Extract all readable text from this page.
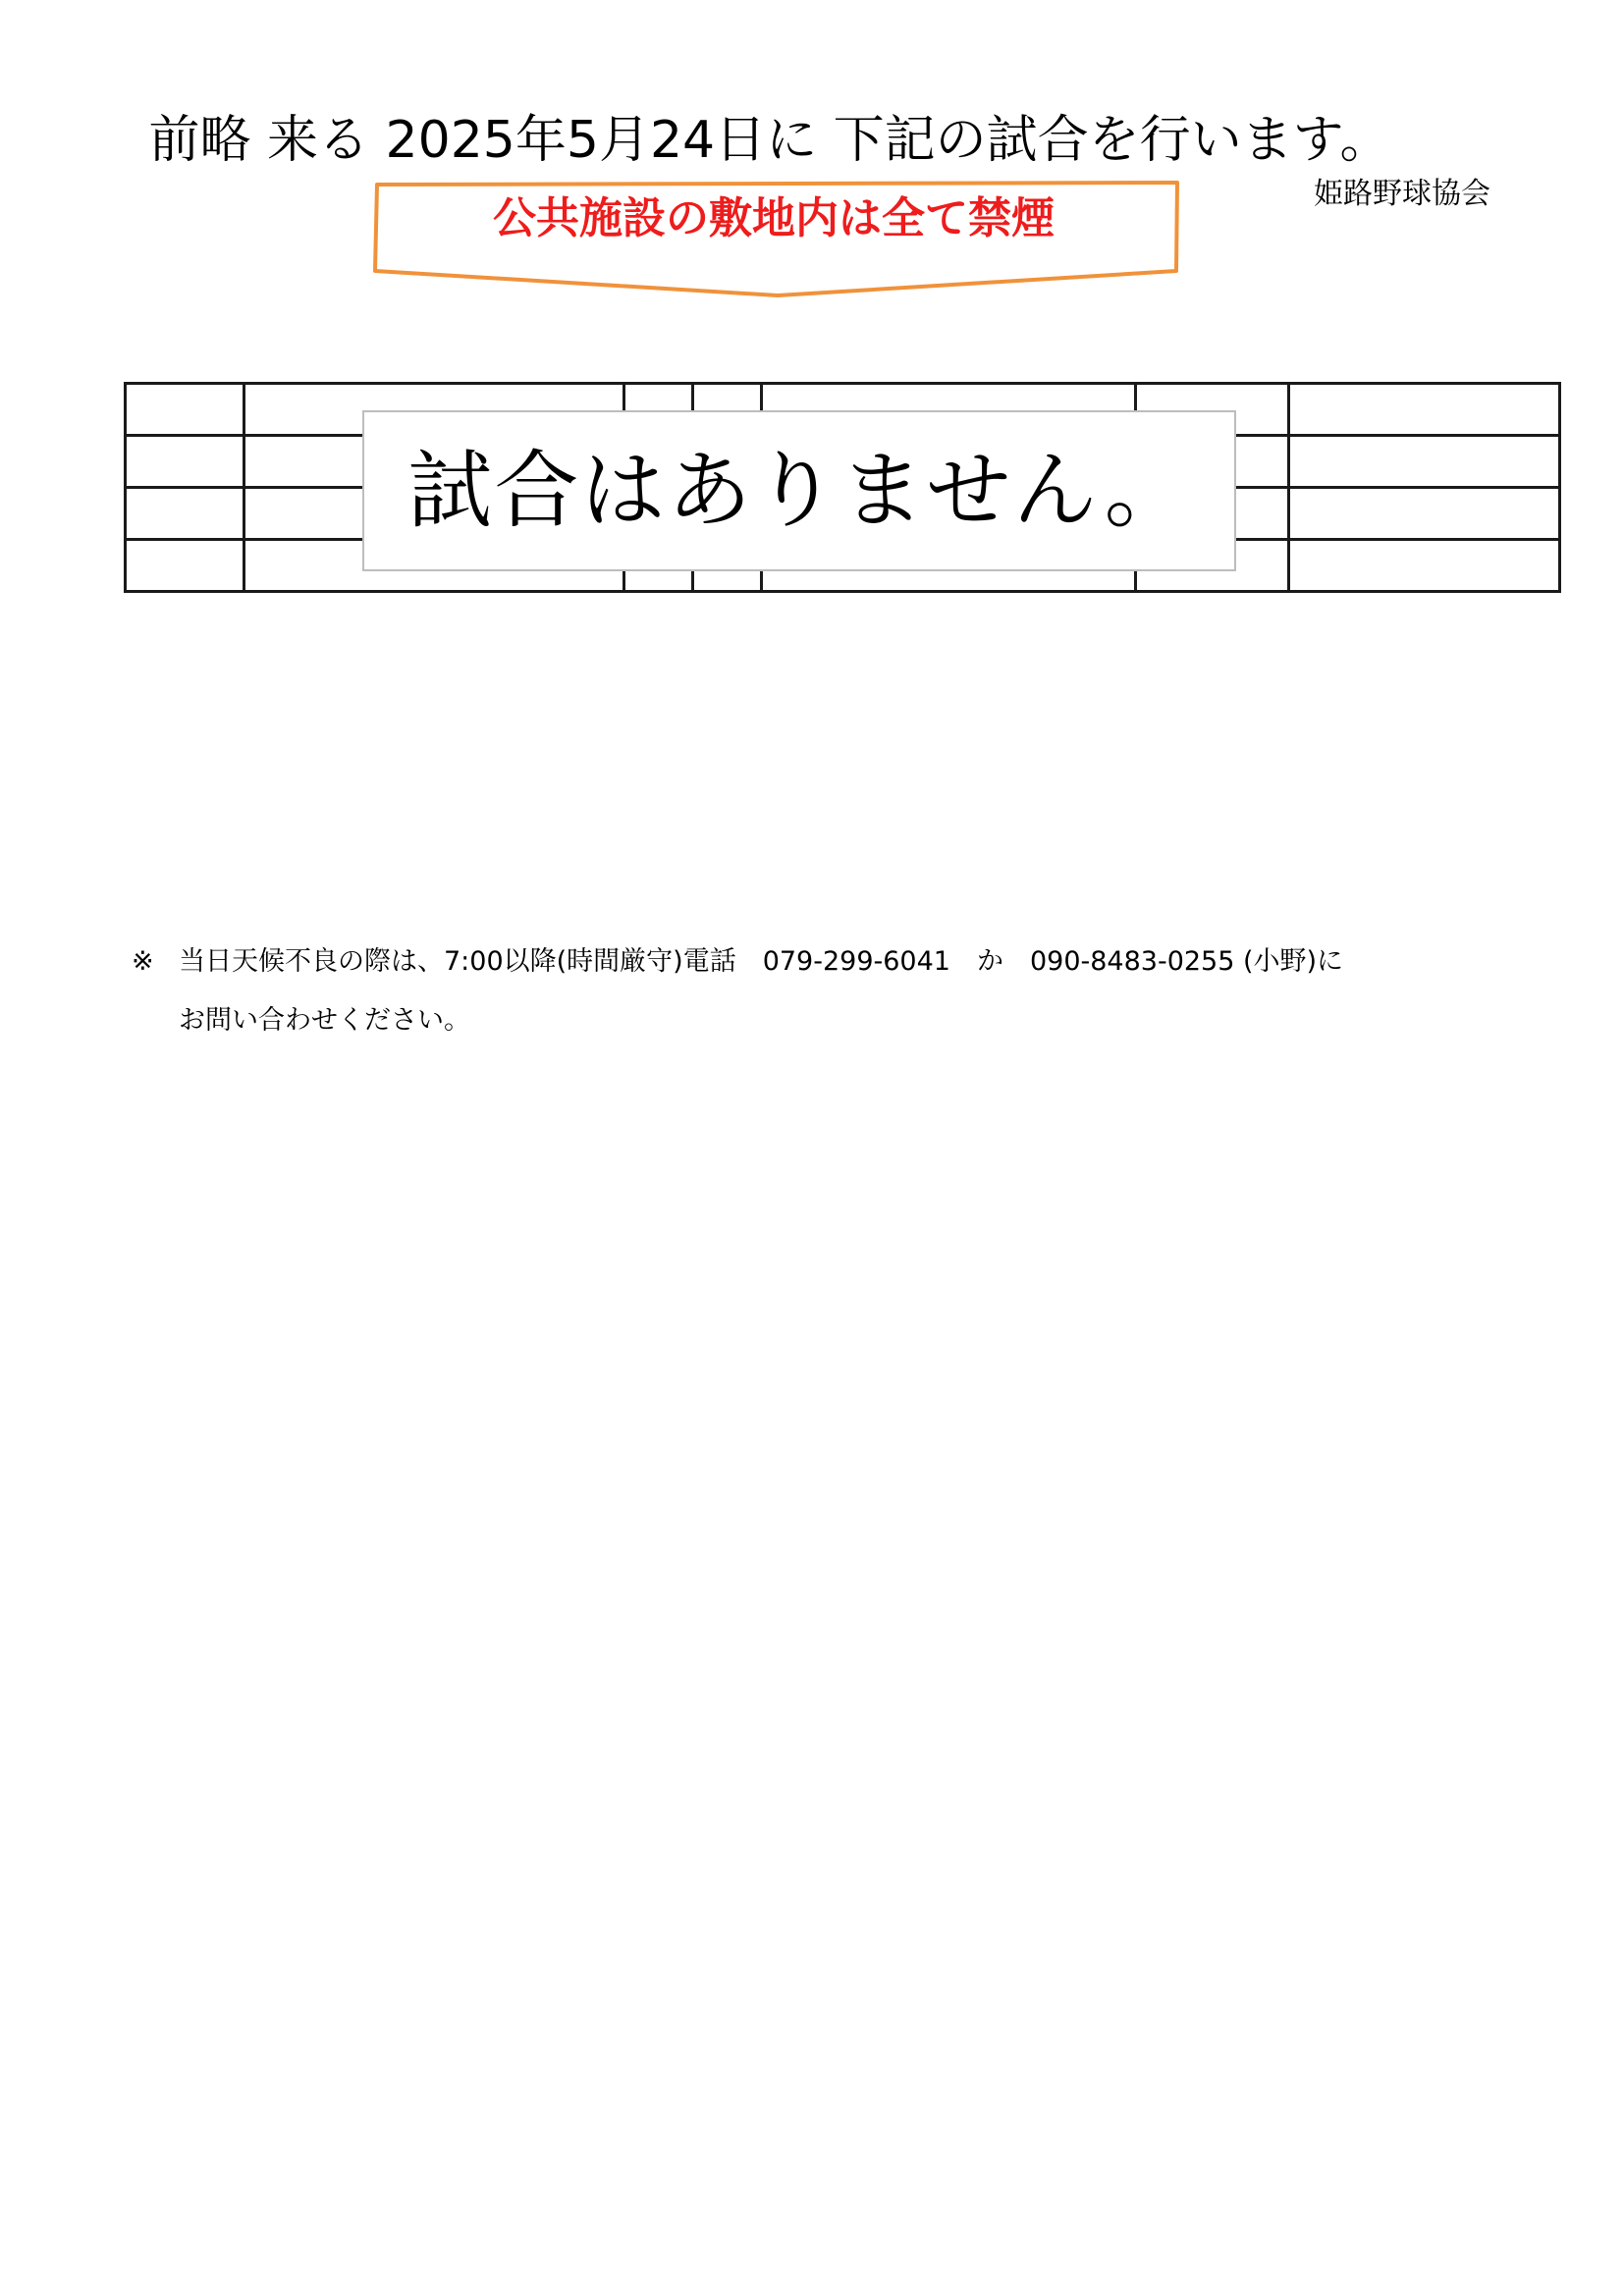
前略 来る 2025年5月24日に 下記の試合を行います。
姫路野球協会
公共施設の敷地内は全て禁煙

試合はありません。
※ 当日天候不良の際は、7:00以降(時間厳守)電話　079-299-6041　か　090-8483-0255 (小野)に
お問い合わせください。
